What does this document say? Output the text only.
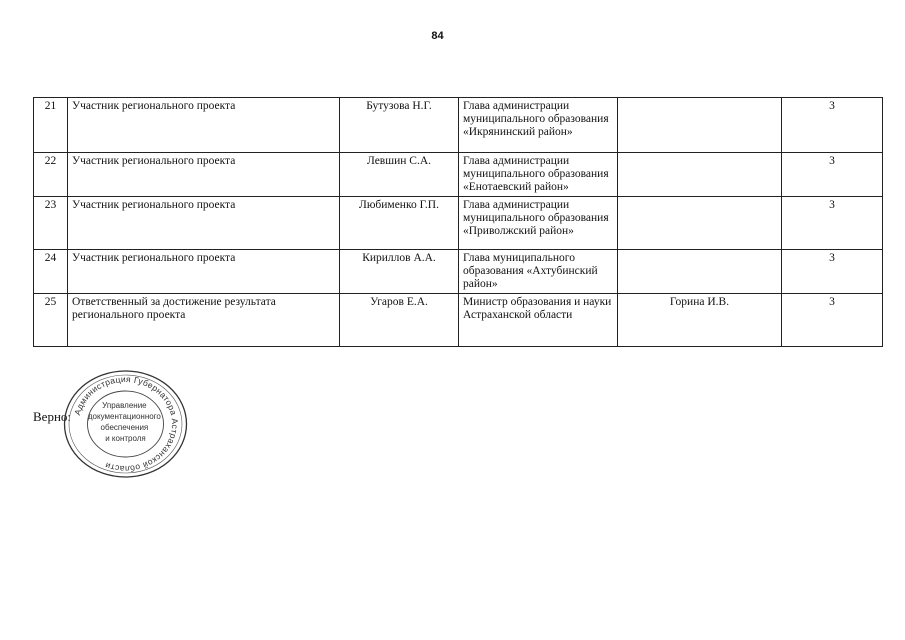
84
21	Участник регионального проекта	Бутузова Н.Г.	Глава администрации муниципального образования «Икрянинский район»		3
22	Участник регионального проекта	Левшин С.А.	Глава администрации муниципального образования «Енотаевский район»		3
23	Участник регионального проекта	Любименко Г.П.	Глава администрации муниципального образования «Приволжский район»		3
24	Участник регионального проекта	Кириллов А.А.	Глава муниципального образования «Ахтубинский район»		3
25	Ответственный за достижение результата регионального проекта	Угаров Е.А.	Министр образования и науки Астраханской области	Горина И.В.	3
Верно: Администрация Губернатора Астраханской области
Управление документационного обеспечения и контроля
